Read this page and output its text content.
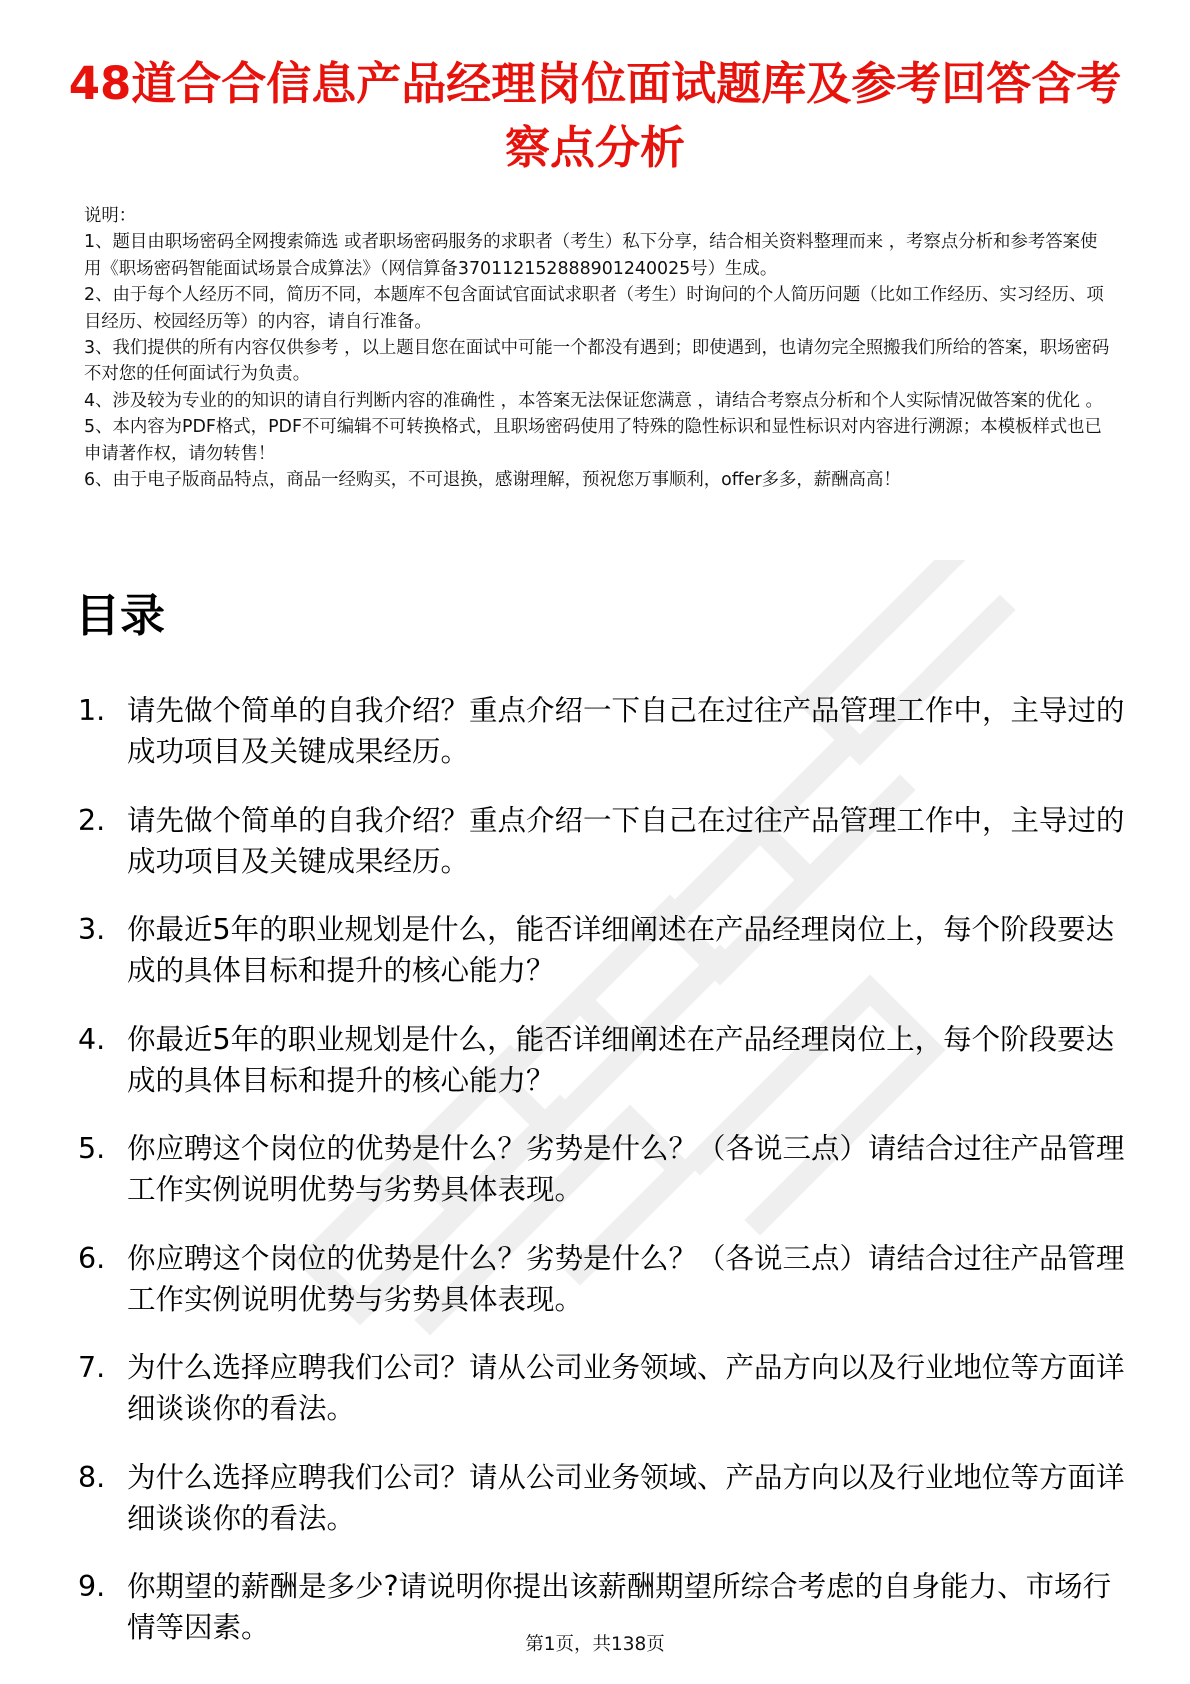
48道合合信息产品经理岗位面试题库及参考回答含考察点分析

说明：

1、题目由职场密码全网搜索筛选 或者职场密码服务的求职者（考生）私下分享，结合相关资料整理而来 ，考察点分析和参考答案使用《职场密码智能面试场景合成算法》（网信算备370112152888901240025号）生成。

2、由于每个人经历不同，简历不同，本题库不包含面试官面试求职者（考生）时询问的个人简历问题（比如工作经历、实习经历、项目经历、校园经历等）的内容，请自行准备。

3、我们提供的所有内容仅供参考 ，以上题目您在面试中可能一个都没有遇到；即使遇到，也请勿完全照搬我们所给的答案，职场密码不对您的任何面试行为负责。

4、涉及较为专业的的知识的请自行判断内容的准确性 ，本答案无法保证您满意 ，请结合考察点分析和个人实际情况做答案的优化 。

5、本内容为PDF格式，PDF不可编辑不可转换格式，且职场密码使用了特殊的隐性标识和显性标识对内容进行溯源；本模板样式也已申请著作权，请勿转售！

6、由于电子版商品特点，商品一经购买，不可退换，感谢理解，预祝您万事顺利，offer多多，薪酬高高！

目录
1. 请先做个简单的自我介绍？重点介绍一下自己在过往产品管理工作中，主导过的成功项目及关键成果经历。
2. 请先做个简单的自我介绍？重点介绍一下自己在过往产品管理工作中，主导过的成功项目及关键成果经历。
3. 你最近5年的职业规划是什么，能否详细阐述在产品经理岗位上，每个阶段要达成的具体目标和提升的核心能力？
4. 你最近5年的职业规划是什么，能否详细阐述在产品经理岗位上，每个阶段要达成的具体目标和提升的核心能力？
5. 你应聘这个岗位的优势是什么？劣势是什么？（各说三点）请结合过往产品管理工作实例说明优势与劣势具体表现。
6. 你应聘这个岗位的优势是什么？劣势是什么？（各说三点）请结合过往产品管理工作实例说明优势与劣势具体表现。
7. 为什么选择应聘我们公司？请从公司业务领域、产品方向以及行业地位等方面详细谈谈你的看法。
8. 为什么选择应聘我们公司？请从公司业务领域、产品方向以及行业地位等方面详细谈谈你的看法。
9. 你期望的薪酬是多少?请说明你提出该薪酬期望所综合考虑的自身能力、市场行情等因素。
第1页，共138页
